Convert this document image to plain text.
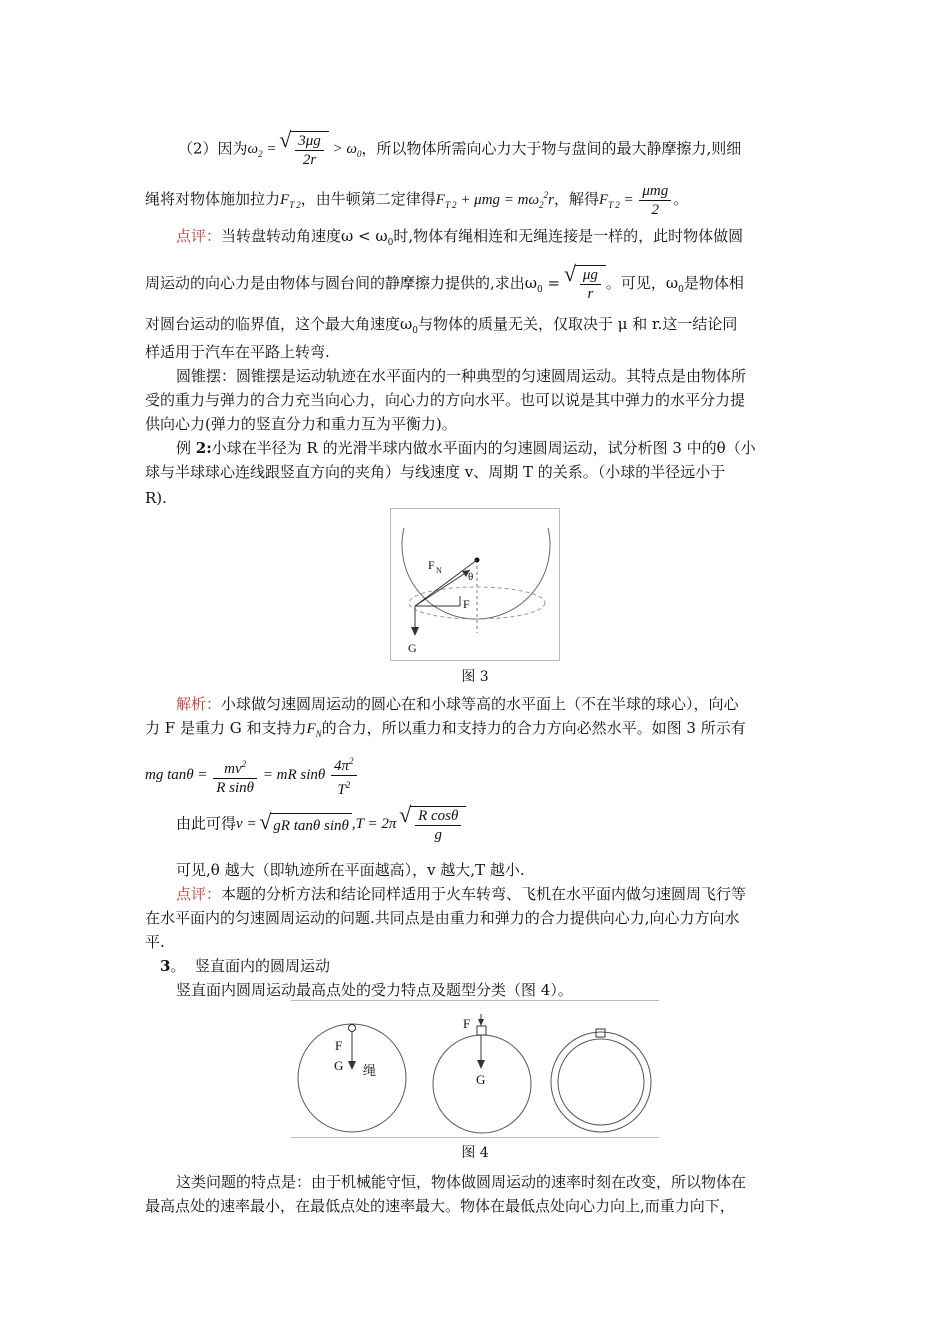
（2）因为$\omega_2$ = √ $\frac{3\mu g}{2r} > \omega_0$，所以物体所需向心力大于物与盘间的最大静摩擦力,则细
绳将对物体施加拉力$F_{T 2}$，由牛顿第二定律得$F_{T 2} + \mu mg = m\omega_2^2r$，解得$F_{T 2} = \frac{\text{μmg}}{2}$ 。
点评：当转盘转动角速度$\omega < \omega_0$时,物体有绳相连和无绳连接是一样的，此时物体做圆
周运动的向心力是由物体与圆台间的静摩擦力提供的,求出$\omega_0$ = √ $\frac{\mu g}{r}$ 。可见，$\omega_0$是物体相
对圆台运动的临界值，这个最大角速度$\omega_0$与物体的质量无关，仅取决于 μ 和 r.这一结论同
样适用于汽车在平路上转弯.
圆锥摆：圆锥摆是运动轨迹在水平面内的一种典型的匀速圆周运动。其特点是由物体所
受的重力与弹力的合力充当向心力，向心力的方向水平。也可以说是其中弹力的水平分力提
供向心力(弹力的竖直分力和重力互为平衡力)。
例 2:小球在半径为 R 的光滑半球内做水平面内的匀速圆周运动，试分析图 3 中的θ（小
球与半球球心连线跟竖直方向的夹角）与线速度 v、周期 T 的关系。（小球的半径远小于
R).
F N
θ
F
G
图 3
解析：小球做匀速圆周运动的圆心在和小球等高的水平面上（不在半球的球心），向心
力 F 是重力 G 和支持力$F_N$的合力，所以重力和支持力的合力方向必然水平。如图 3 所示有
mg $\tan\theta = \frac{mv^2}{\text{R sinθ}}$ = mR sinθ $\frac{4\pi^2}{T^2}$
由此可得v = √ gR tanθ sinθ ,T = 2π √ $\frac{\text{R cosθ}}{g}$
可见,θ 越大（即轨迹所在平面越高），v 越大,T 越小.
点评：本题的分析方法和结论同样适用于火车转弯、飞机在水平面内做匀速圆周飞行等
在水平面内的匀速圆周运动的问题.共同点是由重力和弹力的合力提供向心力,向心力方向水
平.
3。 竖直面内的圆周运动
竖直面内圆周运动最高点处的受力特点及题型分类（图 4）。
F
G 绳
F
G
图 4
这类问题的特点是：由于机械能守恒，物体做圆周运动的速率时刻在改变，所以物体在
最高点处的速率最小，在最低点处的速率最大。物体在最低点处向心力向上,而重力向下，
